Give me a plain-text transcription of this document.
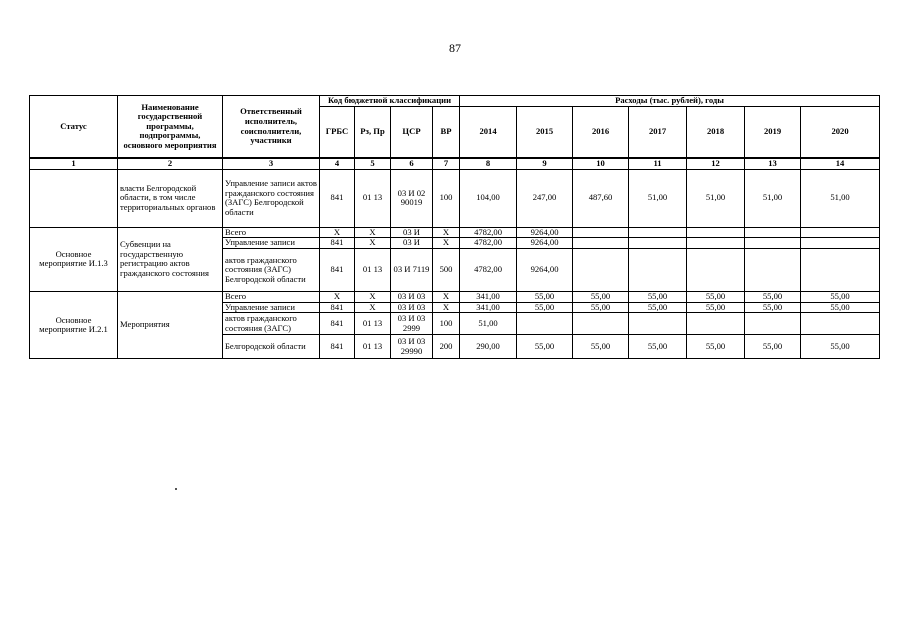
87
Статус	Наименование государственной программы, подпрограммы, основного мероприятия	Ответственный исполнитель, соисполнители, участники	Код бюджетной классификации				Расходы (тыс. рублей), годы						
			ГРБС	Рз, Пр	ЦСР	ВР	2014	2015	2016	2017	2018	2019	2020
1	2	3	4	5	6	7	8	9	10	11	12	13	14
	власти Белгородской области, в том числе территориальных органов	Управление записи актов гражданского состояния (ЗАГС) Белгородской области	841	01 13	03 И 02 90019	100	104,00	247,00	487,60	51,00	51,00	51,00	51,00
Основное мероприятие И.1.3	Субвенции на государственную регистрацию актов гражданского состояния	Всего	X	X	03 И	X	4782,00	9264,00					
		Управление записи	841	X	03 И	X	4782,00	9264,00					
		актов гражданского состояния (ЗАГС) Белгородской области	841	01 13	03 И 7119	500	4782,00	9264,00					
Основное мероприятие И.2.1	Мероприятия	Всего	X	X	03 И 03	X	341,00	55,00	55,00	55,00	55,00	55,00	55,00
		Управление записи	841	X	03 И 03	X	341,00	55,00	55,00	55,00	55,00	55,00	55,00
		актов гражданского состояния (ЗАГС)	841	01 13	03 И 03 2999	100	51,00						
		Белгородской области	841	01 13	03 И 03 29990	200	290,00	55,00	55,00	55,00	55,00	55,00	55,00
